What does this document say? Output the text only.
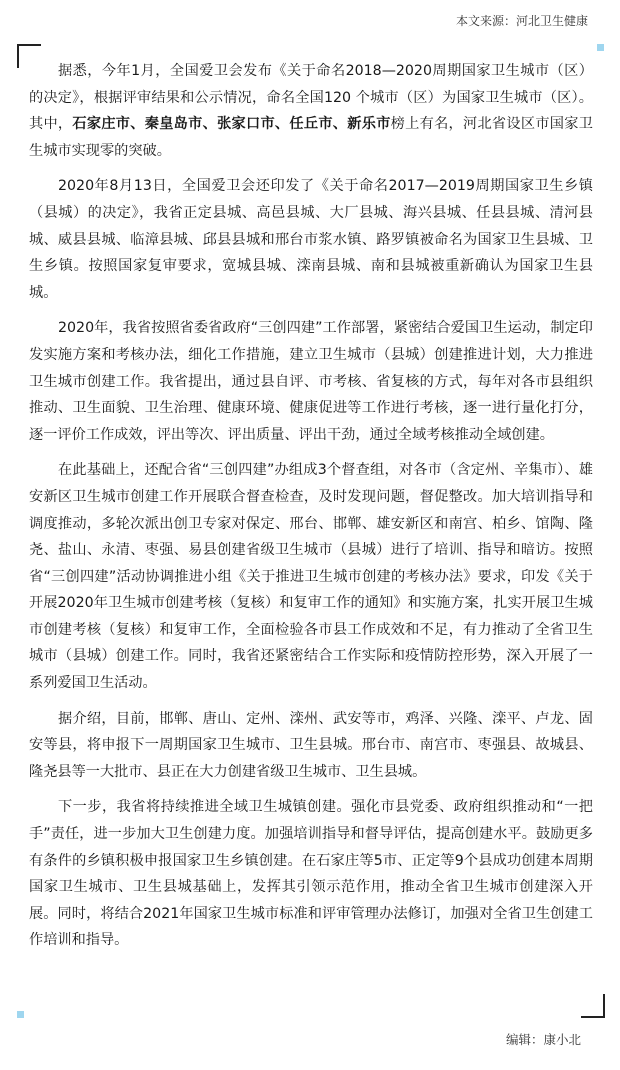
本文来源：河北卫生健康

据悉，今年1月，全国爱卫会发布《关于命名2018—2020周期国家卫生城市（区）的决定》，根据评审结果和公示情况，命名全国120 个城市（区）为国家卫生城市（区）。其中，石家庄市、秦皇岛市、张家口市、任丘市、新乐市榜上有名，河北省设区市国家卫生城市实现零的突破。

2020年8月13日，全国爱卫会还印发了《关于命名2017—2019周期国家卫生乡镇（县城）的决定》，我省正定县城、高邑县城、大厂县城、海兴县城、任县县城、清河县城、威县县城、临漳县城、邱县县城和邢台市浆水镇、路罗镇被命名为国家卫生县城、卫生乡镇。按照国家复审要求，宽城县城、滦南县城、南和县城被重新确认为国家卫生县城。

2020年，我省按照省委省政府“三创四建”工作部署，紧密结合爱国卫生运动，制定印发实施方案和考核办法，细化工作措施，建立卫生城市（县城）创建推进计划，大力推进卫生城市创建工作。我省提出，通过县自评、市考核、省复核的方式，每年对各市县组织推动、卫生面貌、卫生治理、健康环境、健康促进等工作进行考核，逐一进行量化打分，逐一评价工作成效，评出等次、评出质量、评出干劲，通过全域考核推动全域创建。

在此基础上，还配合省“三创四建”办组成3个督查组，对各市（含定州、辛集市）、雄安新区卫生城市创建工作开展联合督查检查，及时发现问题，督促整改。加大培训指导和调度推动，多轮次派出创卫专家对保定、邢台、邯郸、雄安新区和南宫、柏乡、馆陶、隆尧、盐山、永清、枣强、易县创建省级卫生城市（县城）进行了培训、指导和暗访。按照省“三创四建”活动协调推进小组《关于推进卫生城市创建的考核办法》要求，印发《关于开展2020年卫生城市创建考核（复核）和复审工作的通知》和实施方案，扎实开展卫生城市创建考核（复核）和复审工作，全面检验各市县工作成效和不足，有力推动了全省卫生城市（县城）创建工作。同时，我省还紧密结合工作实际和疫情防控形势，深入开展了一系列爱国卫生活动。

据介绍，目前，邯郸、唐山、定州、滦州、武安等市，鸡泽、兴隆、滦平、卢龙、固安等县，将申报下一周期国家卫生城市、卫生县城。邢台市、南宫市、枣强县、故城县、隆尧县等一大批市、县正在大力创建省级卫生城市、卫生县城。

下一步，我省将持续推进全域卫生城镇创建。强化市县党委、政府组织推动和“一把手”责任，进一步加大卫生创建力度。加强培训指导和督导评估，提高创建水平。鼓励更多有条件的乡镇积极申报国家卫生乡镇创建。在石家庄等5市、正定等9个县成功创建本周期国家卫生城市、卫生县城基础上，发挥其引领示范作用，推动全省卫生城市创建深入开展。同时，将结合2021年国家卫生城市标准和评审管理办法修订，加强对全省卫生创建工作培训和指导。

编辑：康小北
